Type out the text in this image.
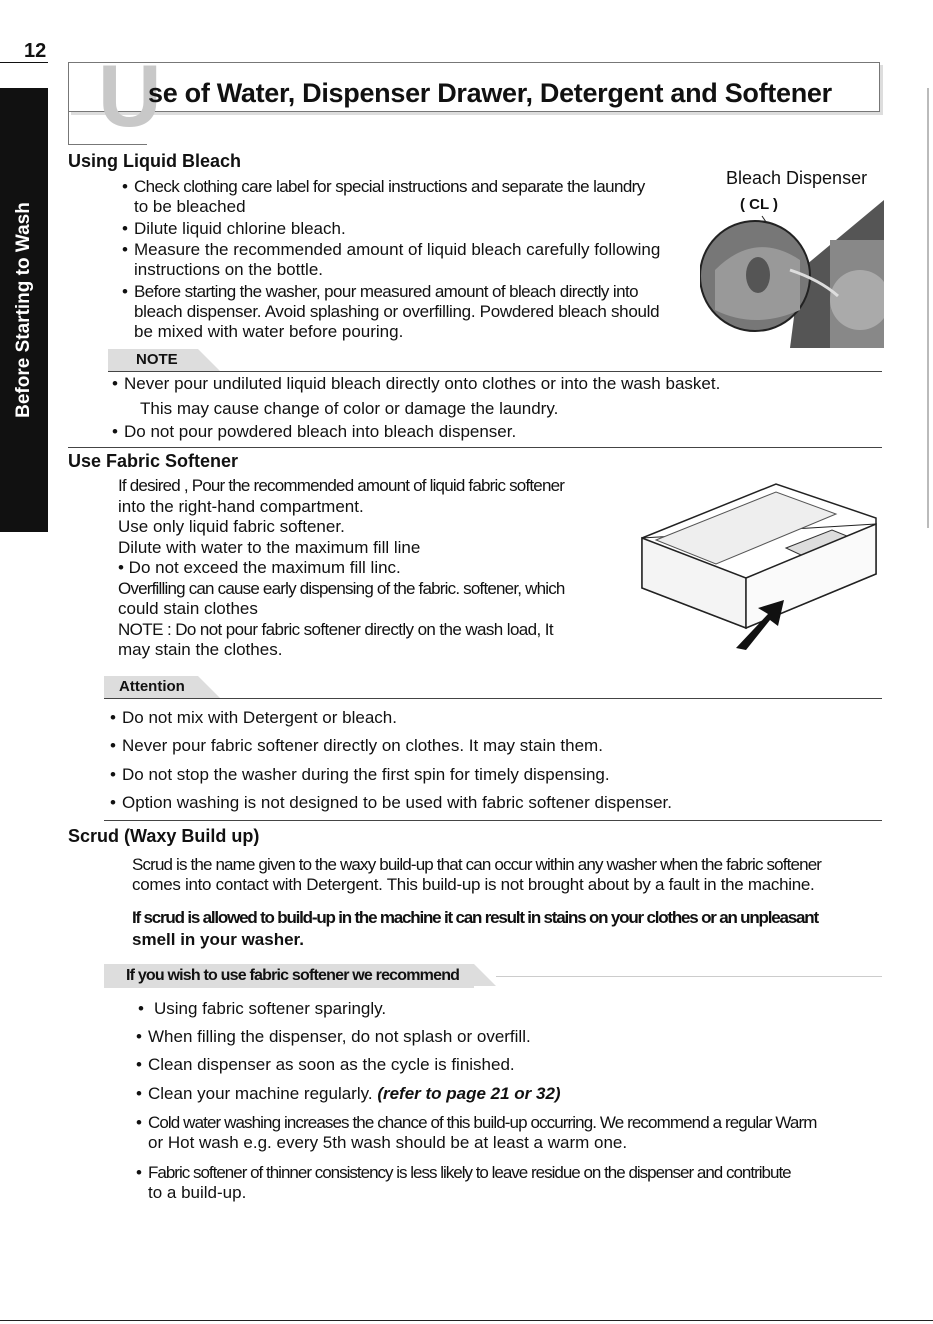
12
Before Starting to Wash
U
se of Water, Dispenser Drawer, Detergent and Softener
Using Liquid Bleach
• Check clothing care label for special instructions and separate the laundry
to be bleached
• Dilute liquid chlorine bleach.
• Measure the recommended amount of liquid bleach carefully following
instructions on the bottle.
• Before starting the washer, pour measured amount of bleach directly into
bleach dispenser. Avoid splashing or overfilling. Powdered bleach should
be mixed with water before pouring.
Bleach Dispenser
( CL )
NOTE
• Never pour undiluted liquid bleach directly onto clothes or into the wash basket.
This may cause change of color or damage the laundry.
• Do not pour powdered bleach into bleach dispenser.
Use Fabric Softener
If desired , Pour the recommended amount of liquid fabric softener
into the right-hand compartment.
Use only liquid fabric softener.
Dilute with water to the maximum fill line
• Do not exceed the maximum fill linc.
Overfilling can cause early dispensing of the fabric. softener, which
could stain clothes
NOTE : Do not pour fabric softener directly on the wash load, It
may stain the clothes.
Attention
• Do not mix with Detergent or bleach.
• Never pour fabric softener directly on clothes. It may stain them.
• Do not stop the washer during the first spin for timely dispensing.
• Option washing is not designed to be used with fabric softener dispenser.
Scrud (Waxy Build up)
Scrud is the name given to the waxy build-up that can occur within any washer when the fabric softener
comes into contact with Detergent. This build-up is not brought about by a fault in the machine.
If scrud is allowed to build-up in the machine it can result in stains on your clothes or an unpleasant
smell in your washer.
If you wish to use fabric softener we recommend
• Using fabric softener sparingly.
• When filling the dispenser, do not splash or overfill.
• Clean dispenser as soon as the cycle is finished.
• Clean your machine regularly. (refer to page 21 or 32)
• Cold water washing increases the chance of this build-up occurring. We recommend a regular Warm
or Hot wash e.g. every 5th wash should be at least a warm one.
• Fabric softener of thinner consistency is less likely to leave residue on the dispenser and contribute
to a build-up.
